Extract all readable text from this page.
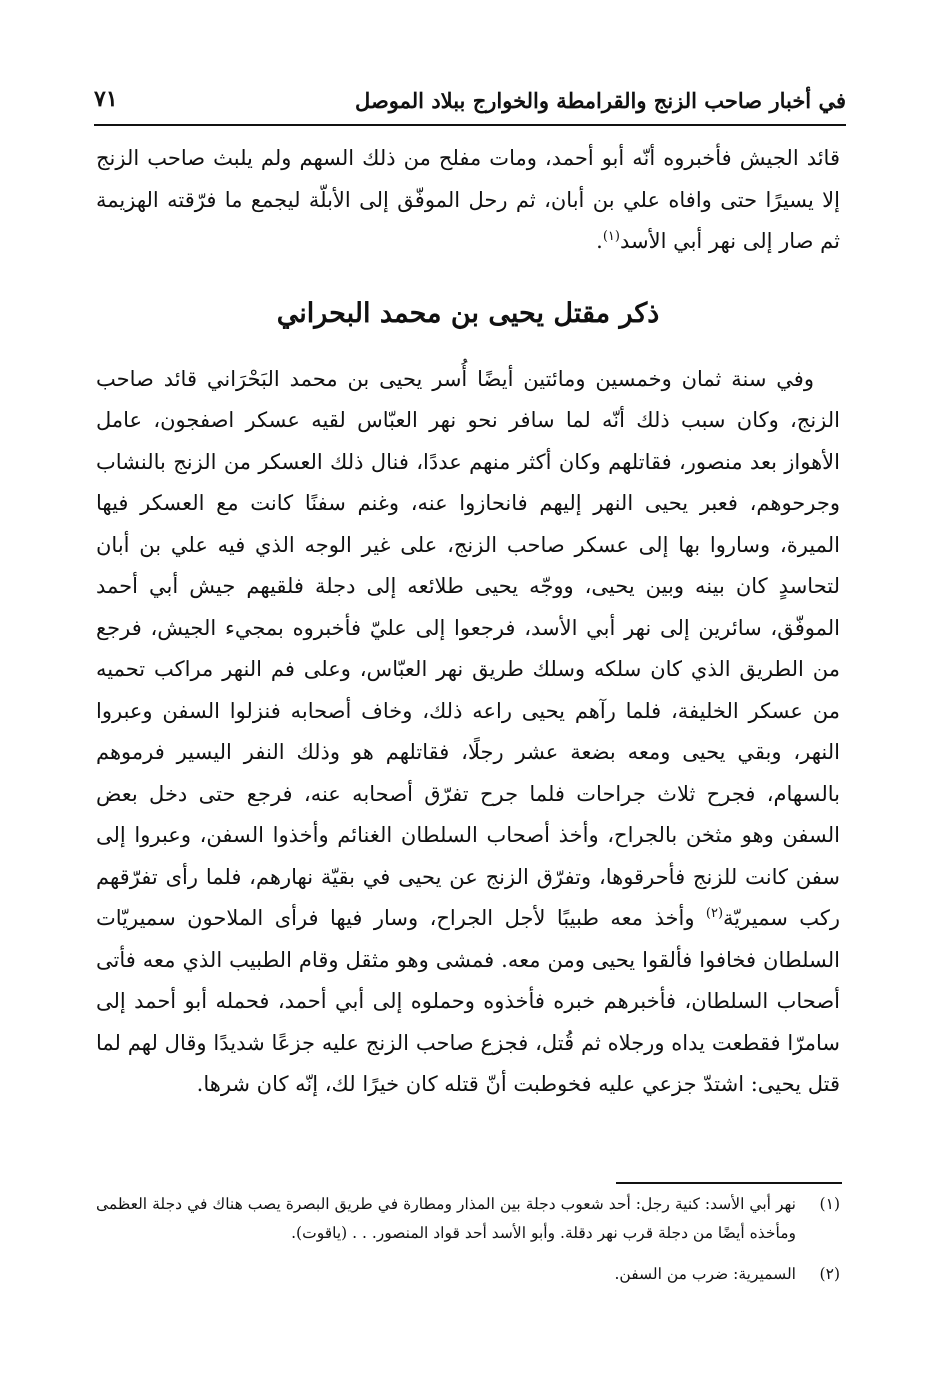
في أخبار صاحب الزنج والقرامطة والخوارج ببلاد الموصل
٧١

قائد الجيش فأخبروه أنّه أبو أحمد، ومات مفلح من ذلك السهم ولم يلبث صاحب الزنج إلا يسيرًا حتى وافاه علي بن أبان، ثم رحل الموفّق إلى الأبلّة ليجمع ما فرّقته الهزيمة ثم صار إلى نهر أبي الأسد$^{(١)}$.

ذكر مقتل يحيى بن محمد البحراني

وفي سنة ثمان وخمسين ومائتين أيضًا أُسر يحيى بن محمد البَحْرَاني قائد صاحب الزنج، وكان سبب ذلك أنّه لما سافر نحو نهر العبّاس لقيه عسكر اصفجون، عامل الأهواز بعد منصور، فقاتلهم وكان أكثر منهم عددًا، فنال ذلك العسكر من الزنج بالنشاب وجرحوهم، فعبر يحيى النهر إليهم فانحازوا عنه، وغنم سفنًا كانت مع العسكر فيها الميرة، وساروا بها إلى عسكر صاحب الزنج، على غير الوجه الذي فيه علي بن أبان لتحاسدٍ كان بينه وبين يحيى، ووجّه يحيى طلائعه إلى دجلة فلقيهم جيش أبي أحمد الموفّق، سائرين إلى نهر أبي الأسد، فرجعوا إلى عليّ فأخبروه بمجيء الجيش، فرجع من الطريق الذي كان سلكه وسلك طريق نهر العبّاس، وعلى فم النهر مراكب تحميه من عسكر الخليفة، فلما رآهم يحيى راعه ذلك، وخاف أصحابه فنزلوا السفن وعبروا النهر، وبقي يحيى ومعه بضعة عشر رجلًا، فقاتلهم هو وذلك النفر اليسير فرموهم بالسهام، فجرح ثلاث جراحات فلما جرح تفرّق أصحابه عنه، فرجع حتى دخل بعض السفن وهو مثخن بالجراح، وأخذ أصحاب السلطان الغنائم وأخذوا السفن، وعبروا إلى سفن كانت للزنج فأحرقوها، وتفرّق الزنج عن يحيى في بقيّة نهارهم، فلما رأى تفرّقهم ركب سميريّة$^{(٢)}$ وأخذ معه طبيبًا لأجل الجراح، وسار فيها فرأى الملاحون سميريّات السلطان فخافوا فألقوا يحيى ومن معه. فمشى وهو مثقل وقام الطبيب الذي معه فأتى أصحاب السلطان، فأخبرهم خبره فأخذوه وحملوه إلى أبي أحمد، فحمله أبو أحمد إلى سامرّا فقطعت يداه ورجلاه ثم قُتل، فجزع صاحب الزنج عليه جزعًا شديدًا وقال لهم لما قتل يحيى: اشتدّ جزعي عليه فخوطبت أنّ قتله كان خيرًا لك، إنّه كان شرها.

(١)
نهر أبي الأسد: كنية رجل: أحد شعوب دجلة بين المذار ومطارة في طريق البصرة يصب هناك في دجلة العظمى ومأخذه أيضًا من دجلة قرب نهر دقلة. وأبو الأسد أحد قواد المنصور. . . (ياقوت).
(٢)
السميرية: ضرب من السفن.
